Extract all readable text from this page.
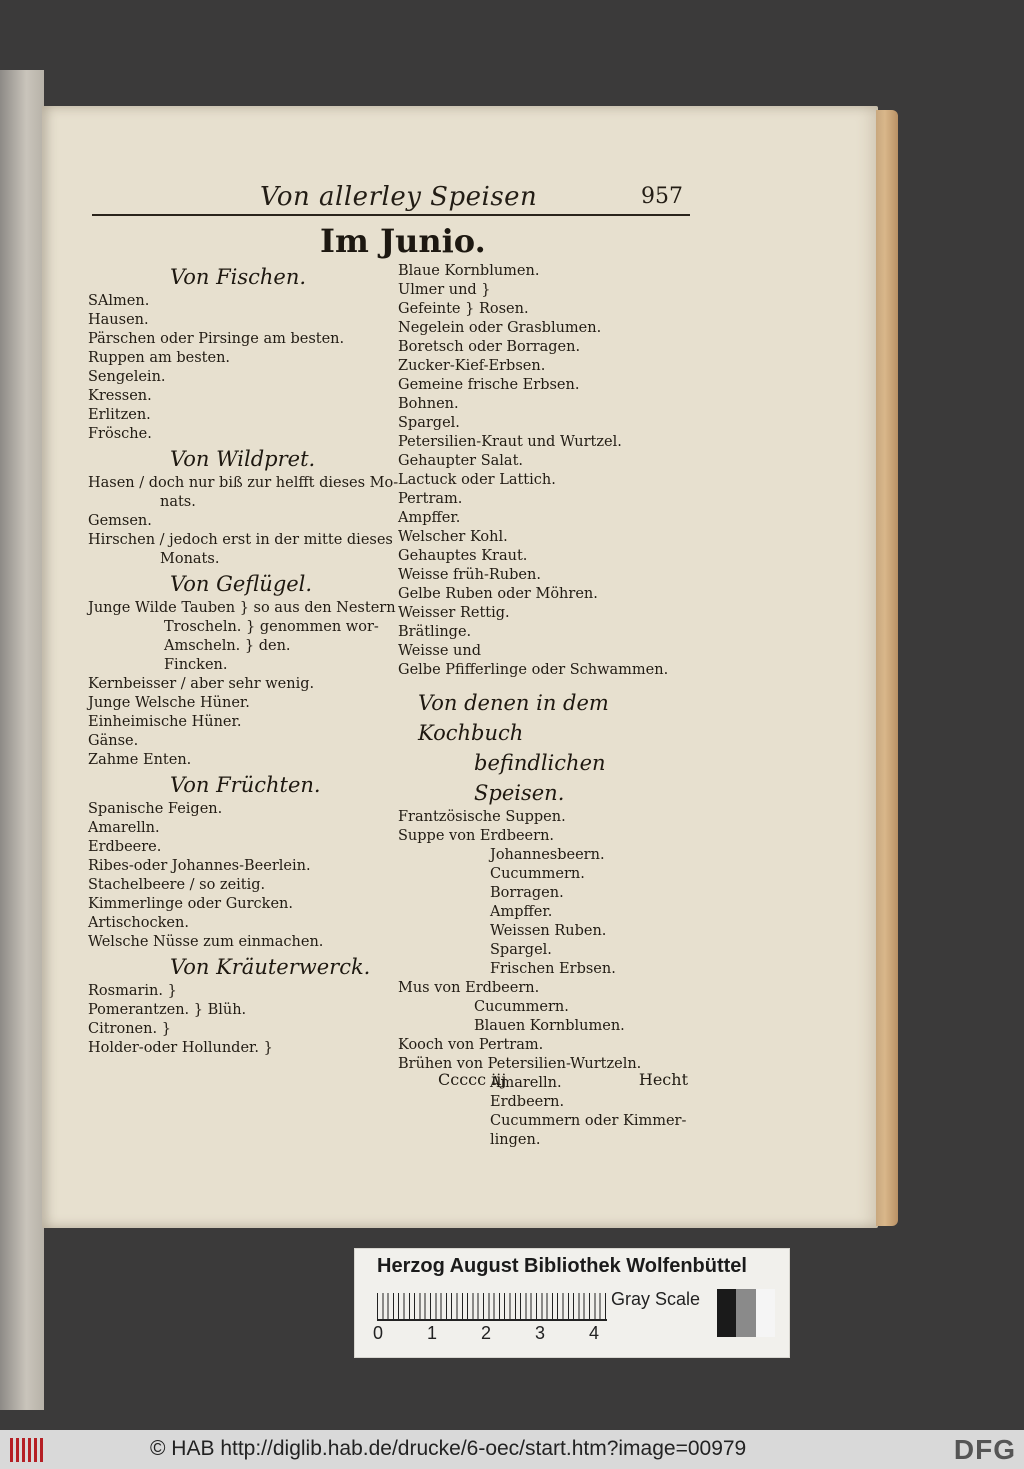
Von allerley Speisen	957
Im Junio.
Von Fischen.
SAlmen.
Hausen.
Pärschen oder Pirsinge am besten.
Ruppen am besten.
Sengelein.
Kressen.
Erlitzen.
Frösche.
Von Wildpret.
Hasen / doch nur biß zur helfft dieses Mo-
nats.
Gemsen.
Hirschen / jedoch erst in der mitte dieses
Monats.
Von Geflügel.
Junge Wilde Tauben } so aus den Nestern
Troscheln. } genommen wor-
Amscheln. } den.
Fincken.
Kernbeisser / aber sehr wenig.
Junge Welsche Hüner.
Einheimische Hüner.
Gänse.
Zahme Enten.
Von Früchten.
Spanische Feigen.
Amarelln.
Erdbeere.
Ribes-oder Johannes-Beerlein.
Stachelbeere / so zeitig.
Kimmerlinge oder Gurcken.
Artischocken.
Welsche Nüsse zum einmachen.
Von Kräuterwerck.
Rosmarin. }
Pomerantzen. } Blüh.
Citronen. }
Holder-oder Hollunder. }
Blaue Kornblumen.
Ulmer und }
Gefeinte } Rosen.
Negelein oder Grasblumen.
Boretsch oder Borragen.
Zucker-Kief-Erbsen.
Gemeine frische Erbsen.
Bohnen.
Spargel.
Petersilien-Kraut und Wurtzel.
Gehaupter Salat.
Lactuck oder Lattich.
Pertram.
Ampffer.
Welscher Kohl.
Gehauptes Kraut.
Weisse früh-Ruben.
Gelbe Ruben oder Möhren.
Weisser Rettig.
Brätlinge.
Weisse und
Gelbe Pfifferlinge oder Schwammen.
Von denen in dem Kochbuch
befindlichen Speisen.
Frantzösische Suppen.
Suppe von Erdbeern.
Johannesbeern.
Cucummern.
Borragen.
Ampffer.
Weissen Ruben.
Spargel.
Frischen Erbsen.
Mus von Erdbeern.
Cucummern.
Blauen Kornblumen.
Kooch von Pertram.
Brühen von Petersilien-Wurtzeln.
Amarelln.
Erdbeern.
Cucummern oder Kimmer-
lingen.
Ccccc iij	Hecht
Herzog August Bibliothek Wolfenbüttel
0 1 2 3 4
Gray Scale
© HAB http://diglib.hab.de/drucke/6-oec/start.htm?image=00979	DFG
